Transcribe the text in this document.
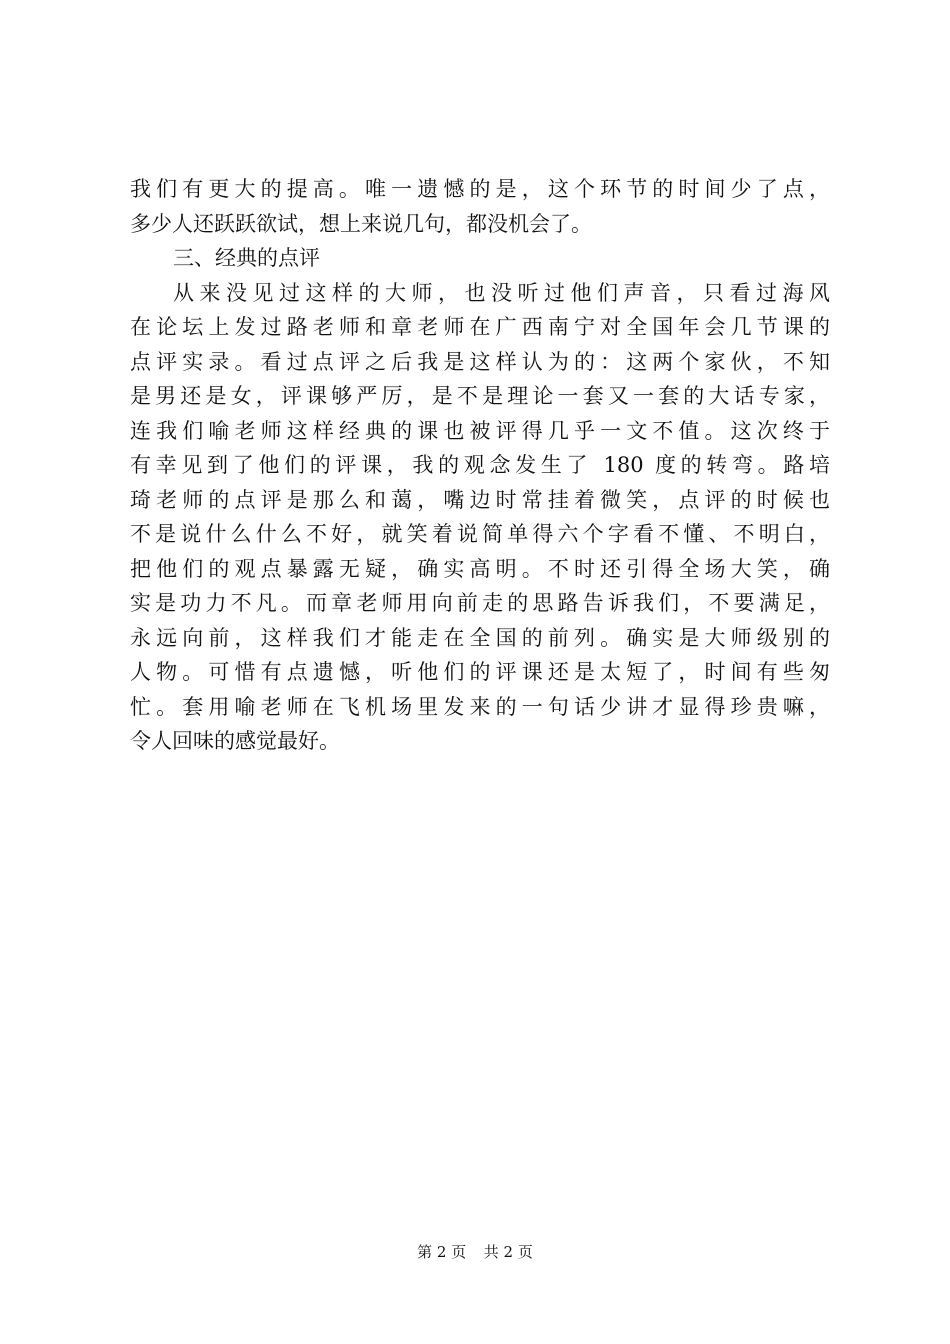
我们有更大的提高。唯一遗憾的是，这个环节的时间少了点，
多少人还跃跃欲试，想上来说几句，都没机会了。
三、经典的点评
从来没见过这样的大师，也没听过他们声音，只看过海风
在论坛上发过路老师和章老师在广西南宁对全国年会几节课的
点评实录。看过点评之后我是这样认为的：这两个家伙，不知
是男还是女，评课够严厉，是不是理论一套又一套的大话专家，
连我们喻老师这样经典的课也被评得几乎一文不值。这次终于
有幸见到了他们的评课，我的观念发生了 180 度的转弯。路培
琦老师的点评是那么和蔼，嘴边时常挂着微笑，点评的时候也
不是说什么什么不好，就笑着说简单得六个字看不懂、不明白，
把他们的观点暴露无疑，确实高明。不时还引得全场大笑，确
实是功力不凡。而章老师用向前走的思路告诉我们，不要满足，
永远向前，这样我们才能走在全国的前列。确实是大师级别的
人物。可惜有点遗憾，听他们的评课还是太短了，时间有些匆
忙。套用喻老师在飞机场里发来的一句话少讲才显得珍贵嘛，
令人回味的感觉最好。
第 2 页 共 2 页
